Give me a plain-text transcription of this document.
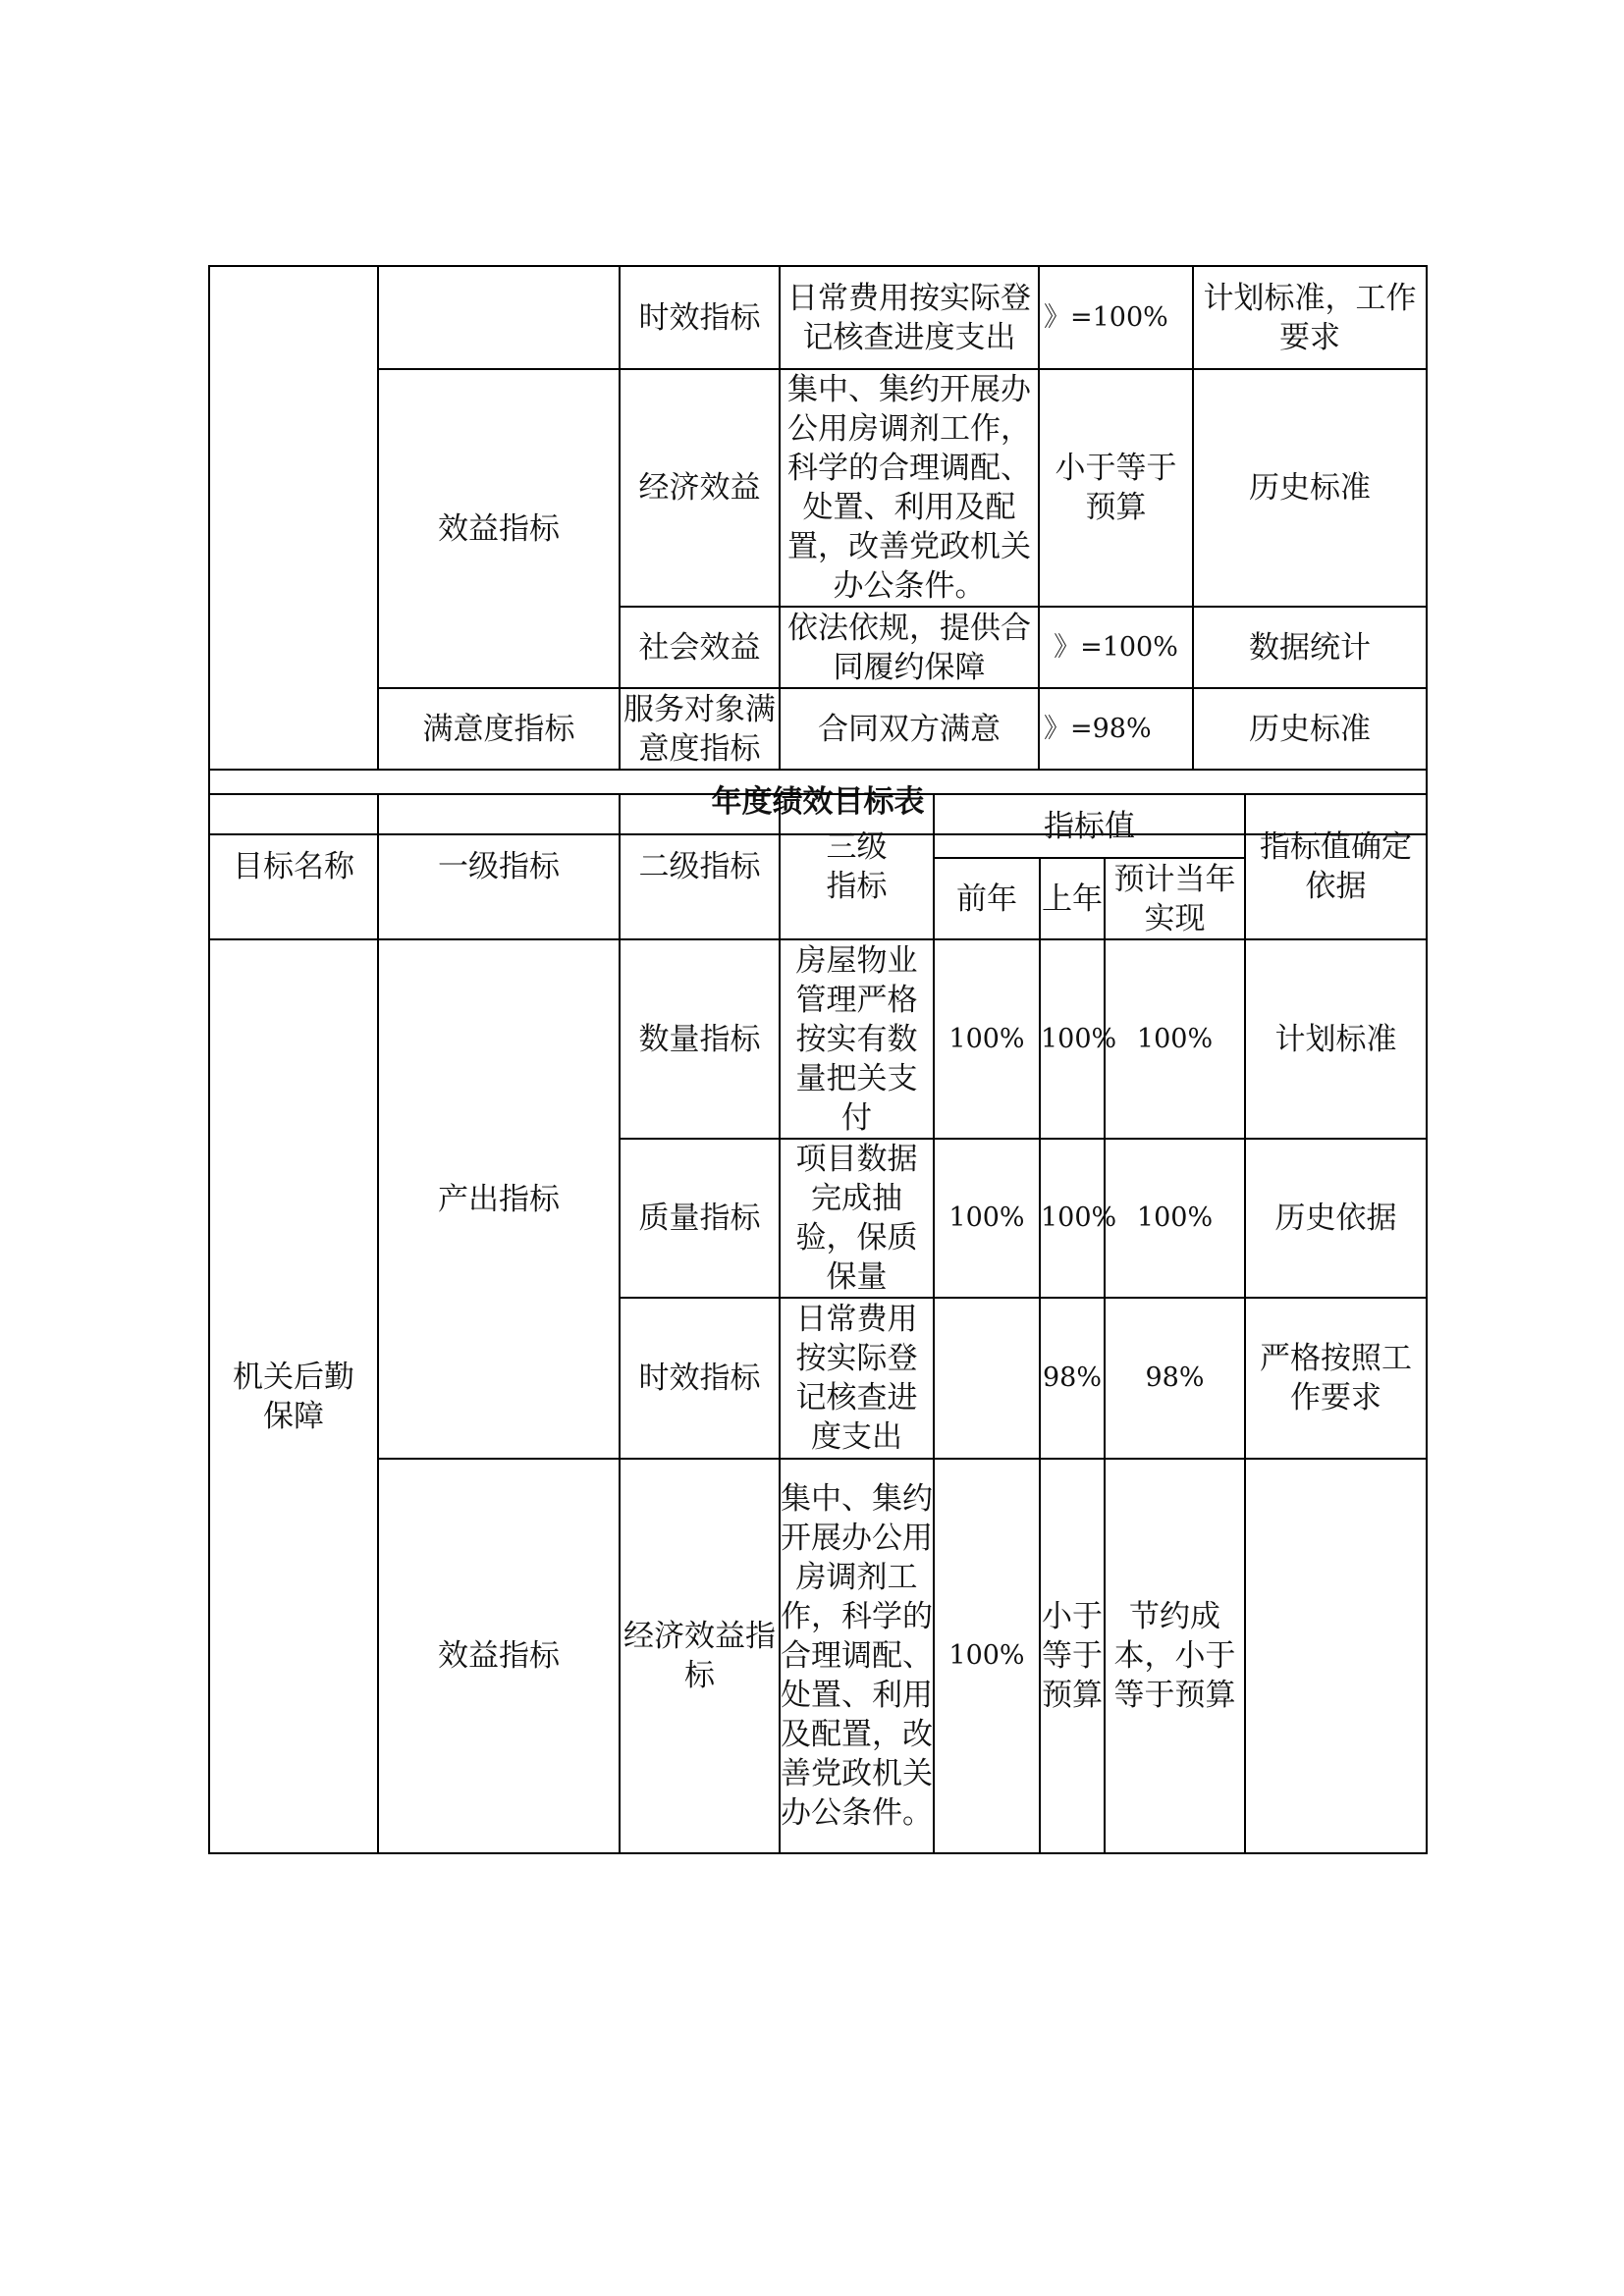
		时效指标	日常费用按实际登记核查进度支出	》=100%	计划标准，工作要求
	效益指标	经济效益	集中、集约开展办公用房调剂工作，科学的合理调配、处置、利用及配置，改善党政机关办公条件。	小于等于预算	历史标准
		社会效益	依法依规，提供合同履约保障	》=100%	数据统计
	满意度指标	服务对象满意度指标	合同双方满意	》=98%	历史标准
年度绩效目标表					
目标名称	一级指标	二级指标	三级指标	指标值			指标值确定依据
				前年	上年	预计当年实现	
机关后勤保障	产出指标	数量指标	房屋物业管理严格按实有数量把关支付	100%	100%	100%	计划标准
		质量指标	项目数据完成抽验，保质保量	100%	100%	100%	历史依据
		时效指标	日常费用按实际登记核查进度支出		98%	98%	严格按照工作要求
	效益指标	经济效益指标	集中、集约开展办公用房调剂工作，科学的合理调配、处置、利用及配置，改善党政机关办公条件。	100%	小于等于预算	节约成本，小于等于预算	
